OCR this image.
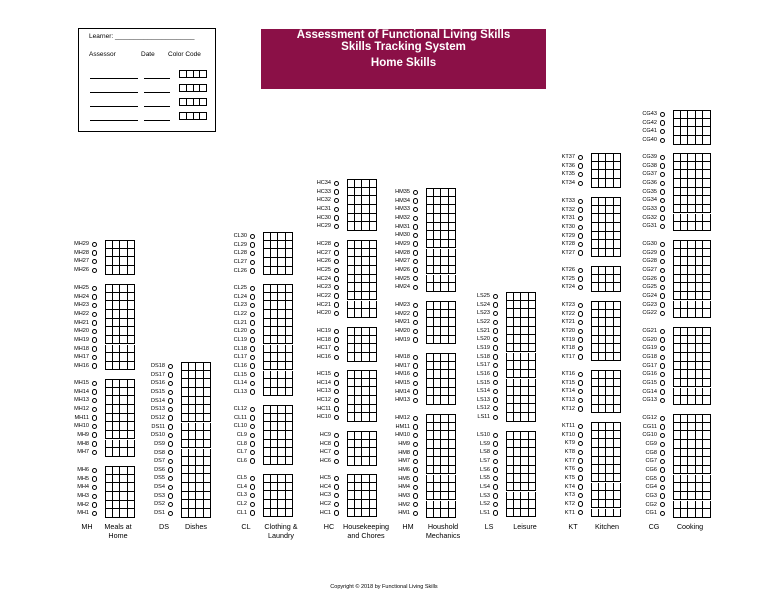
Learner: ______________________
Assessor	Date Color Code
Assessment of Functional Living Skills
Skills Tracking System
Home Skills
MH29
MH28
MH27
MH26
MH25
MH24
MH23
MH22
MH21
MH20
MH19
MH18
MH17
MH16
MH15
MH14
MH13
MH12
MH11
MH10
MH9
MH8
MH7
MH6
MH5
MH4
MH3
MH2
MH1
DS18
DS17
DS16
DS15
DS14
DS13
DS12
DS11
DS10
DS9
DS8
DS7
DS6
DS5
DS4
DS3
DS2
DS1
CL30
CL29
CL28
CL27
CL26
CL25
CL24
CL23
CL22
CL21
CL20
CL19
CL18
CL17
CL16
CL15
CL14
CL13
CL12
CL11
CL10
CL9
CL8
CL7
CL6
CL5
CL4
CL3
CL2
CL1
HC34
HC33
HC32
HC31
HC30
HC29
HC28
HC27
HC26
HC25
HC24
HC23
HC22
HC21
HC20
HC19
HC18
HC17
HC16
HC15
HC14
HC13
HC12
HC11
HC10
HC9
HC8
HC7
HC6
HC5
HC4
HC3
HC2
HC1
HM35
HM34
HM33
HM32
HM31
HM30
HM29
HM28
HM27
HM26
HM25
HM24
HM23
HM22
HM21
HM20
HM19
HM18
HM17
HM16
HM15
HM14
HM13
HM12
HM11
HM10
HM9
HM8
HM7
HM6
HM5
HM4
HM3
HM2
HM1
LS25
LS24
LS23
LS22
LS21
LS20
LS19
LS18
LS17
LS16
LS15
LS14
LS13
LS12
LS11
LS10
LS9
LS8
LS7
LS6
LS5
LS4
LS3
LS2
LS1
KT37
KT36
KT35
KT34
KT33
KT32
KT31
KT30
KT29
KT28
KT27
KT26
KT25
KT24
KT23
KT22
KT21
KT20
KT19
KT18
KT17
KT16
KT15
KT14
KT13
KT12
KT11
KT10
KT9
KT8
KT7
KT6
KT5
KT4
KT3
KT2
KT1
CG43
CG42
CG41
CG40
CG39
CG38
CG37
CG36
CG35
CG34
CG33
CG32
CG31
CG30
CG29
CG28
CG27
CG26
CG25
CG24
CG23
CG22
CG21
CG20
CG19
CG18
CG17
CG16
CG15
CG14
CG13
CG12
CG11
CG10
CG9
CG8
CG7
CG6
CG5
CG4
CG3
CG2
CG1
MH	Meals at
Home
DS	Dishes	CL	Clothing &
Laundry
HC	Housekeeping
and Chores
HM	Houshold
Mechanics
LS	Leisure	KT	Kitchen	CG	Cooking
Copyright © 2018 by Functional Living Skills
